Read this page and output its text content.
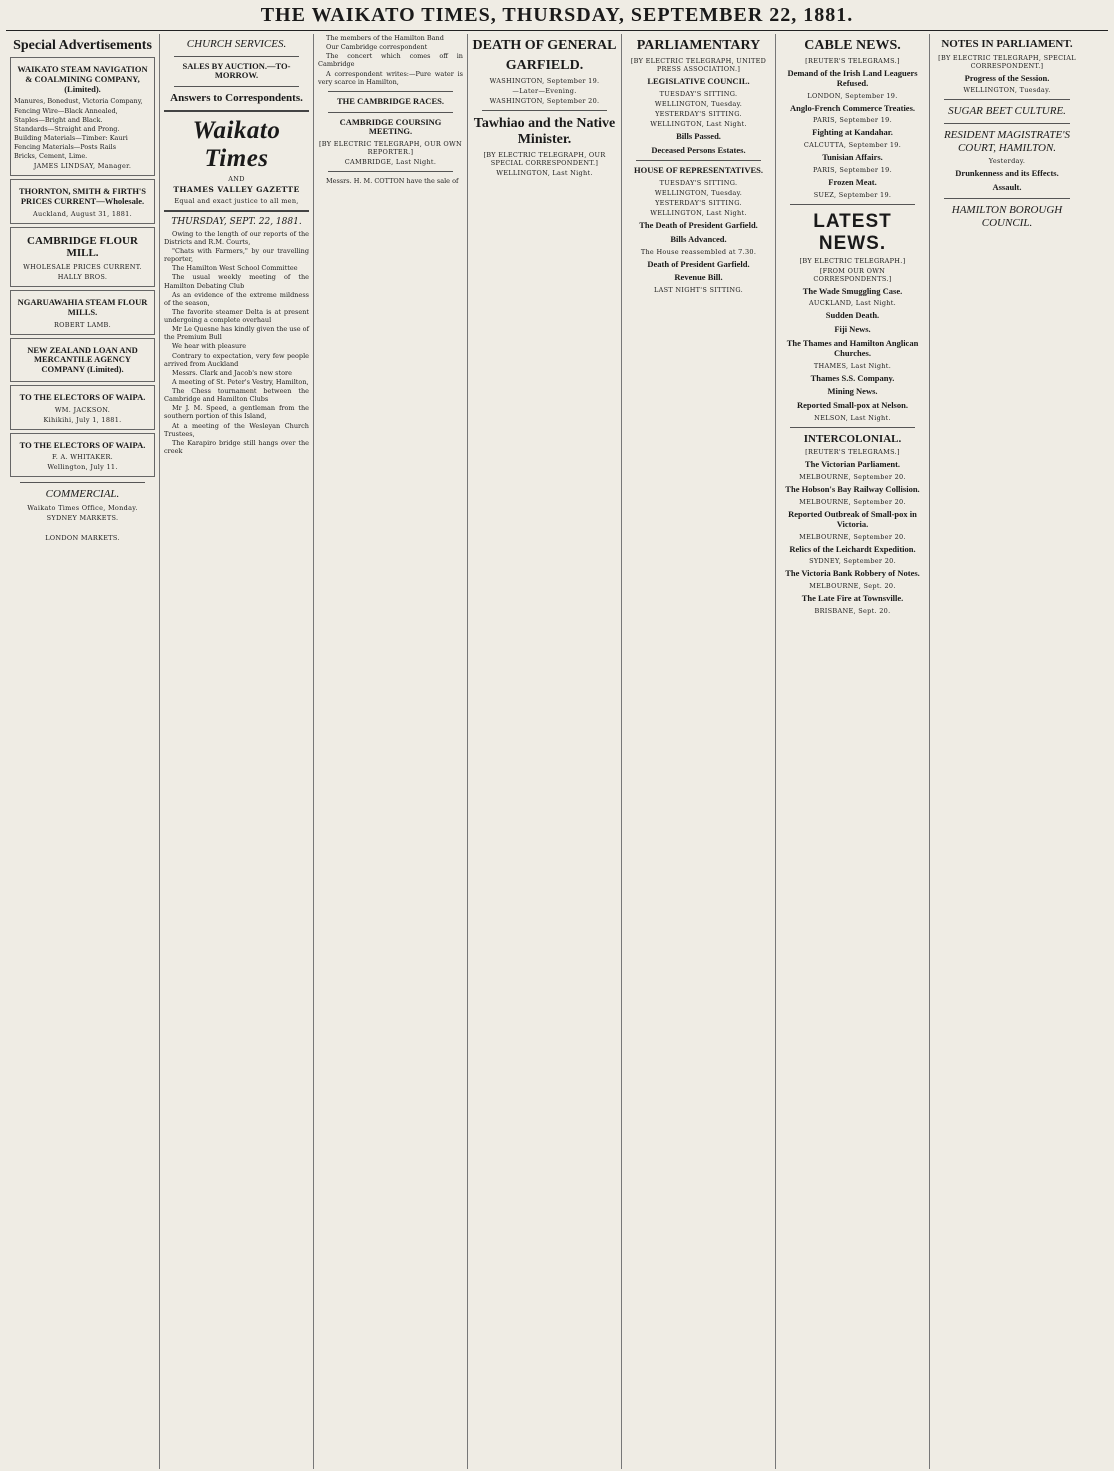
THE WAIKATO TIMES, THURSDAY, SEPTEMBER 22, 1881.
Special Advertisements
WAIKATO STEAM NAVIGATION & COALMINING COMPANY, (Limited).
Manures, Bonedust, Victoria Company,
Fencing Wire—Black Annealed,
Staples—Bright and Black.
Standards—Straight and Prong.
Building Materials—Timber: Kauri
Fencing Materials—Posts Rails
Bricks, Cement, Lime.
JAMES LINDSAY, Manager.
THORNTON, SMITH & FIRTH'S PRICES CURRENT—Wholesale.
Auckland, August 31, 1881.
CAMBRIDGE FLOUR MILL.
WHOLESALE PRICES CURRENT.
HALLY BROS.
NGARUAWAHIA STEAM FLOUR MILLS.
ROBERT LAMB.
NEW ZEALAND LOAN AND MERCANTILE AGENCY COMPANY (Limited).
TO THE ELECTORS OF WAIPA.
WM. JACKSON.
Kihikihi, July 1, 1881.
TO THE ELECTORS OF WAIPA.
F. A. WHITAKER.
Wellington, July 11.
COMMERCIAL.
Waikato Times Office, Monday.
SYDNEY MARKETS.
LONDON MARKETS.
CHURCH SERVICES.
SALES BY AUCTION.—TO-MORROW.
Answers to Correspondents.
Waikato Times
AND
THAMES VALLEY GAZETTE
Equal and exact justice to all men,
THURSDAY, SEPT. 22, 1881.
Owing to the length of our reports of the Districts and R.M. Courts,
"Chats with Farmers," by our travelling reporter,
The Hamilton West School Committee
The usual weekly meeting of the Hamilton Debating Club
As an evidence of the extreme mildness of the season,
The favorite steamer Delta is at present undergoing a complete overhaul
Mr Le Quesne has kindly given the use of the Premium Bull
We hear with pleasure
Contrary to expectation, very few people arrived from Auckland
Messrs. Clark and Jacob's new store
A meeting of St. Peter's Vestry, Hamilton,
The Chess tournament between the Cambridge and Hamilton Clubs
Mr J. M. Speed, a gentleman from the southern portion of this Island,
At a meeting of the Wesleyan Church Trustees,
The Karapiro bridge still hangs over the creek
The members of the Hamilton Band
Our Cambridge correspondent
The concert which comes off in Cambridge
A correspondent writes:—Pure water is very scarce in Hamilton,
THE CAMBRIDGE RACES.
CAMBRIDGE COURSING MEETING.
[BY ELECTRIC TELEGRAPH, OUR OWN REPORTER.]
CAMBRIDGE, Last Night.
Messrs. H. M. COTTON have the sale of
DEATH OF GENERAL
GARFIELD.
WASHINGTON, September 19.
—Later—Evening.
WASHINGTON, September 20.
Tawhiao and the Native Minister.
[BY ELECTRIC TELEGRAPH, OUR SPECIAL CORRESPONDENT.]
WELLINGTON, Last Night.
PARLIAMENTARY
[BY ELECTRIC TELEGRAPH, UNITED PRESS ASSOCIATION.]
LEGISLATIVE COUNCIL.
TUESDAY'S SITTING.
WELLINGTON, Tuesday.
YESTERDAY'S SITTING.
WELLINGTON, Last Night.
Bills Passed.
Deceased Persons Estates.
HOUSE OF REPRESENTATIVES.
TUESDAY'S SITTING.
WELLINGTON, Tuesday.
YESTERDAY'S SITTING.
WELLINGTON, Last Night.
The Death of President Garfield.
Bills Advanced.
The House reassembled at 7.30.
Death of President Garfield.
Revenue Bill.
LAST NIGHT'S SITTING.
CABLE NEWS.
[REUTER'S TELEGRAMS.]
Demand of the Irish Land Leaguers Refused.
LONDON, September 19.
Anglo-French Commerce Treaties.
PARIS, September 19.
Fighting at Kandahar.
CALCUTTA, September 19.
Tunisian Affairs.
PARIS, September 19.
Frozen Meat.
SUEZ, September 19.
LATEST NEWS.
[BY ELECTRIC TELEGRAPH.]
[FROM OUR OWN CORRESPONDENTS.]
The Wade Smuggling Case.
AUCKLAND, Last Night.
Sudden Death.
Fiji News.
The Thames and Hamilton Anglican Churches.
THAMES, Last Night.
Thames S.S. Company.
Mining News.
Reported Small-pox at Nelson.
NELSON, Last Night.
INTERCOLONIAL.
[REUTER'S TELEGRAMS.]
The Victorian Parliament.
MELBOURNE, September 20.
The Hobson's Bay Railway Collision.
MELBOURNE, September 20.
Reported Outbreak of Small-pox in Victoria.
MELBOURNE, September 20.
Relics of the Leichardt Expedition.
SYDNEY, September 20.
The Victoria Bank Robbery of Notes.
MELBOURNE, Sept. 20.
The Late Fire at Townsville.
BRISBANE, Sept. 20.
NOTES IN PARLIAMENT.
[BY ELECTRIC TELEGRAPH, SPECIAL CORRESPONDENT.]
Progress of the Session.
WELLINGTON, Tuesday.
SUGAR BEET CULTURE.
RESIDENT MAGISTRATE'S COURT, HAMILTON.
Yesterday.
Drunkenness and its Effects.
Assault.
HAMILTON BOROUGH COUNCIL.
